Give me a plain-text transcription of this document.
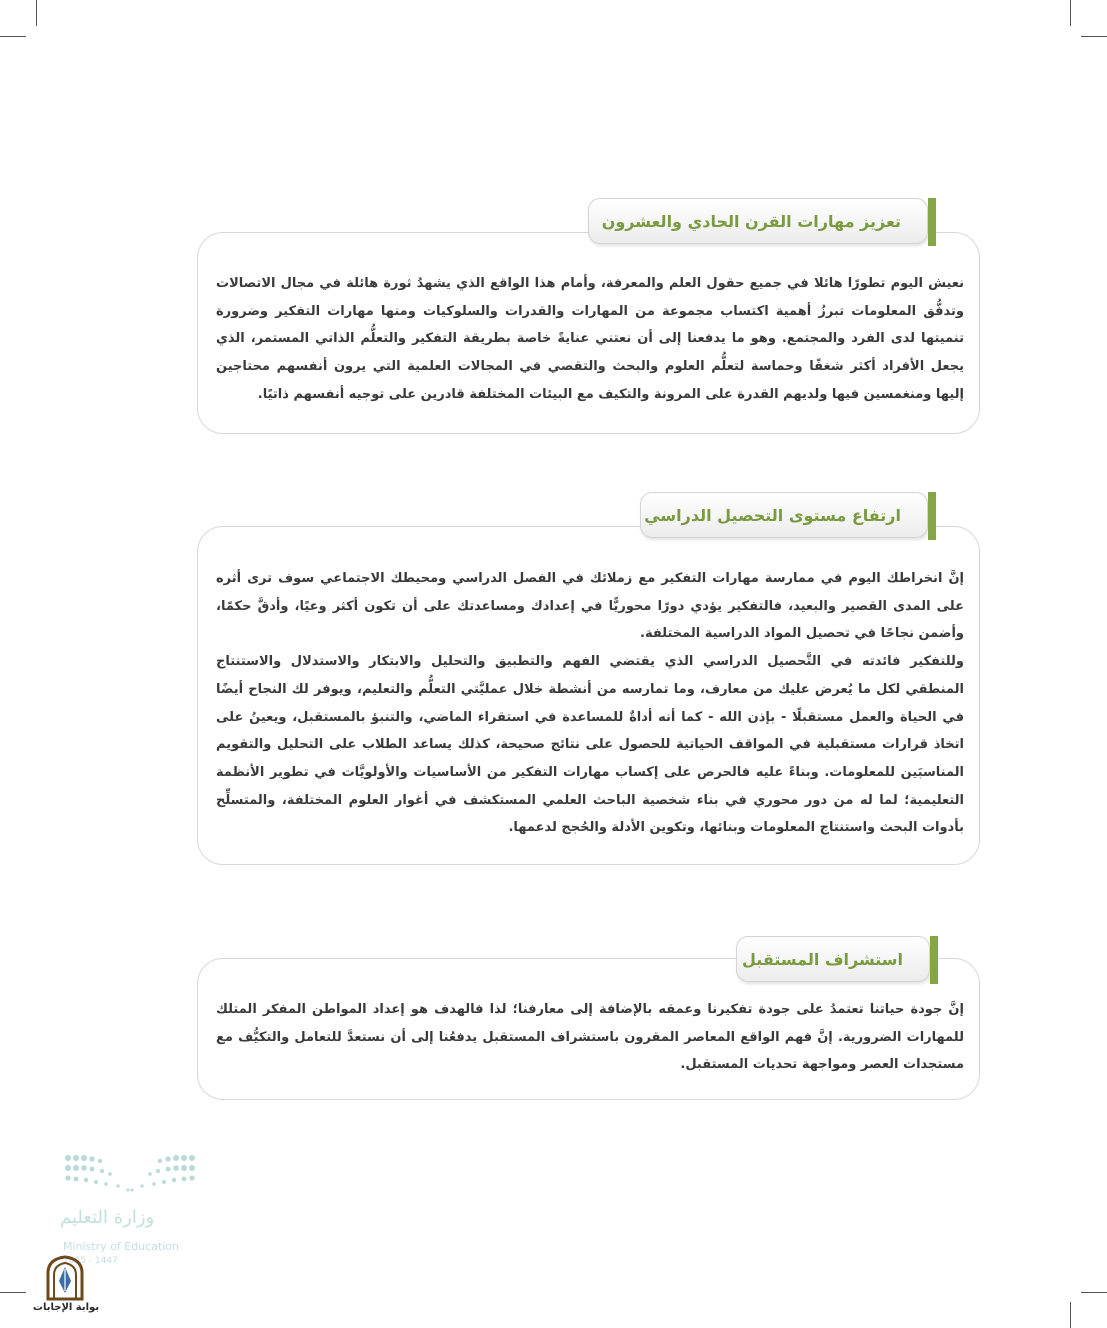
تعزيز مهارات القرن الحادي والعشرون

نعيش اليوم تطورًا هائلا في جميع حقول العلم والمعرفة، وأمام هذا الواقع الذي يشهدُ ثورة هائلة في مجال الاتصالات وتدفُّق المعلومات تبرزُ أهمية اكتساب مجموعة من المهارات والقدرات والسلوكيات ومنها مهارات التفكير وضرورة تنميتها لدى الفرد والمجتمع. وهو ما يدفعنا إلى أن نعتني عنايةً خاصة بطريقة التفكير والتعلُّم الذاتي المستمر، الذي يجعل الأفراد أكثر شغفًا وحماسة لتعلُّم العلوم والبحث والتقصي في المجالات العلمية التي يرون أنفسهم محتاجين إليها ومنغمسين فيها ولديهم القدرة على المرونة والتكيف مع البيئات المختلفة قادرين على توجيه أنفسهم ذاتيًا.

ارتفاع مستوى التحصيل الدراسي

إنَّ انخراطك اليوم في ممارسة مهارات التفكير مع زملائك في الفصل الدراسي ومحيطك الاجتماعي سوف ترى أثره على المدى القصير والبعيد، فالتفكير يؤدي دورًا محوريًّا في إعدادك ومساعدتك على أن تكون أكثر وعيًا، وأدقَّ حكمًا، وأضمن نجاحًا في تحصيل المواد الدراسية المختلفة.

وللتفكير فائدته في التَّحصيل الدراسي الذي يقتضي الفهم والتطبيق والتحليل والابتكار والاستدلال والاستنتاج المنطقي لكل ما يُعرض عليك من معارف، وما تمارسه من أنشطة خلال عمليَّتي التعلُّم والتعليم، ويوفر لك النجاح أيضًا في الحياة والعمل مستقبلًا - بإذن الله - كما أنه أداةٌ للمساعدة في استقراء الماضي، والتنبؤ بالمستقبل، ويعينُ على اتخاذ قرارات مستقبلية في المواقف الحياتية للحصول على نتائج صحيحة، كذلك يساعد الطلاب على التحليل والتقويم المناسبَين للمعلومات. وبناءً عليه فالحرص على إكساب مهارات التفكير من الأساسيات والأولويَّات في تطوير الأنظمة التعليمية؛ لما له من دور محوري في بناء شخصية الباحث العلمي المستكشف في أغوار العلوم المختلفة، والمتسلِّح بأدوات البحث واستنتاج المعلومات وبنائها، وتكوين الأدلة والحُجج لدعمها.

استشراف المستقبل

إنَّ جودة حياتنا تعتمدُ على جودة تفكيرنا وعمقه بالإضافة إلى معارفنا؛ لذا فالهدف هو إعداد المواطن المفكر المتلك للمهارات الضرورية. إنَّ فهم الواقع المعاصر المقرون باستشراف المستقبل يدفعُنا إلى أن نستعدَّ للتعامل والتكيُّف مع مستجدات العصر ومواجهة تحديات المستقبل.

وزارة التعليم
Ministry of Education
2025 - 1447
بوابة الإجابات
